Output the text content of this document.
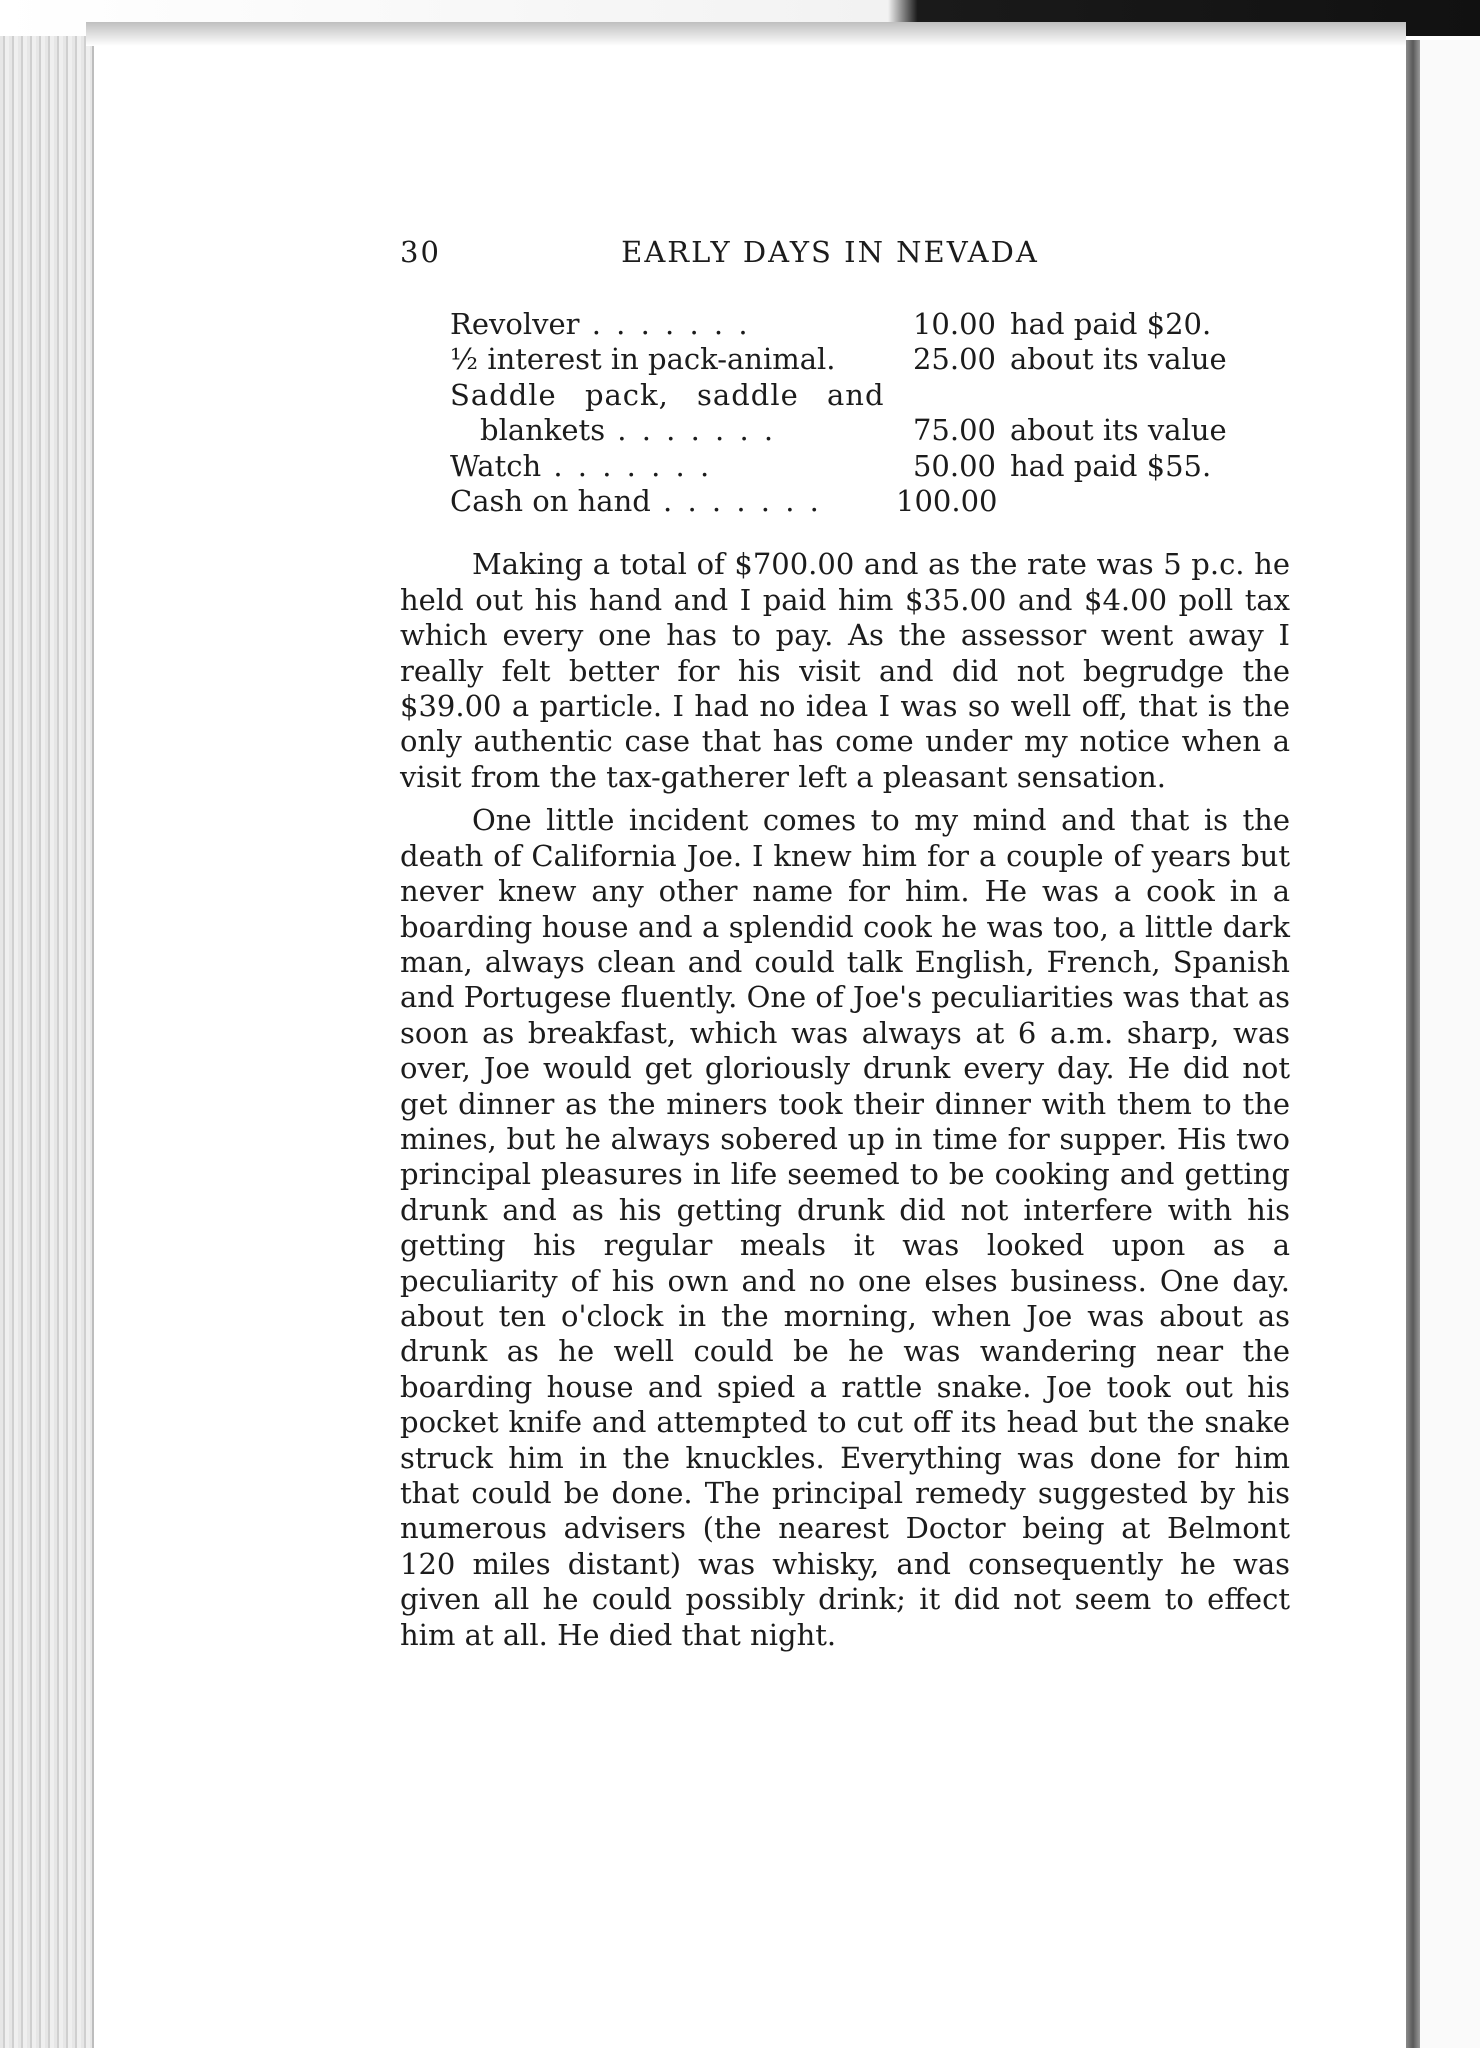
30	EARLY DAYS IN NEVADA
Revolver . . .	10.00 had paid $20.
½ interest in pack-animal.	25.00 about its value
Saddle pack, saddle and
blankets . . .	75.00 about its value
Watch . . .	50.00 had paid $55.
Cash on hand . . .	100.00

Making a total of $700.00 and as the rate was 5 p.c. he held out his hand and I paid him $35.00 and $4.00 poll tax which every one has to pay. As the assessor went away I really felt better for his visit and did not begrudge the $39.00 a particle. I had no idea I was so well off, that is the only authentic case that has come under my notice when a visit from the tax-gatherer left a pleasant sensation.

One little incident comes to my mind and that is the death of California Joe. I knew him for a couple of years but never knew any other name for him. He was a cook in a boarding house and a splendid cook he was too, a little dark man, always clean and could talk English, French, Spanish and Portugese fluently. One of Joe's peculiarities was that as soon as breakfast, which was always at 6 a.m. sharp, was over, Joe would get gloriously drunk every day. He did not get dinner as the miners took their dinner with them to the mines, but he always sobered up in time for supper. His two principal pleasures in life seemed to be cooking and getting drunk and as his getting drunk did not interfere with his getting his regular meals it was looked upon as a peculiarity of his own and no one elses business. One day. about ten o'clock in the morning, when Joe was about as drunk as he well could be he was wandering near the boarding house and spied a rattle snake. Joe took out his pocket knife and attempted to cut off its head but the snake struck him in the knuckles. Everything was done for him that could be done. The principal remedy suggested by his numerous advisers (the nearest Doctor being at Belmont 120 miles distant) was whisky, and consequently he was given all he could possibly drink; it did not seem to effect him at all. He died that night.
